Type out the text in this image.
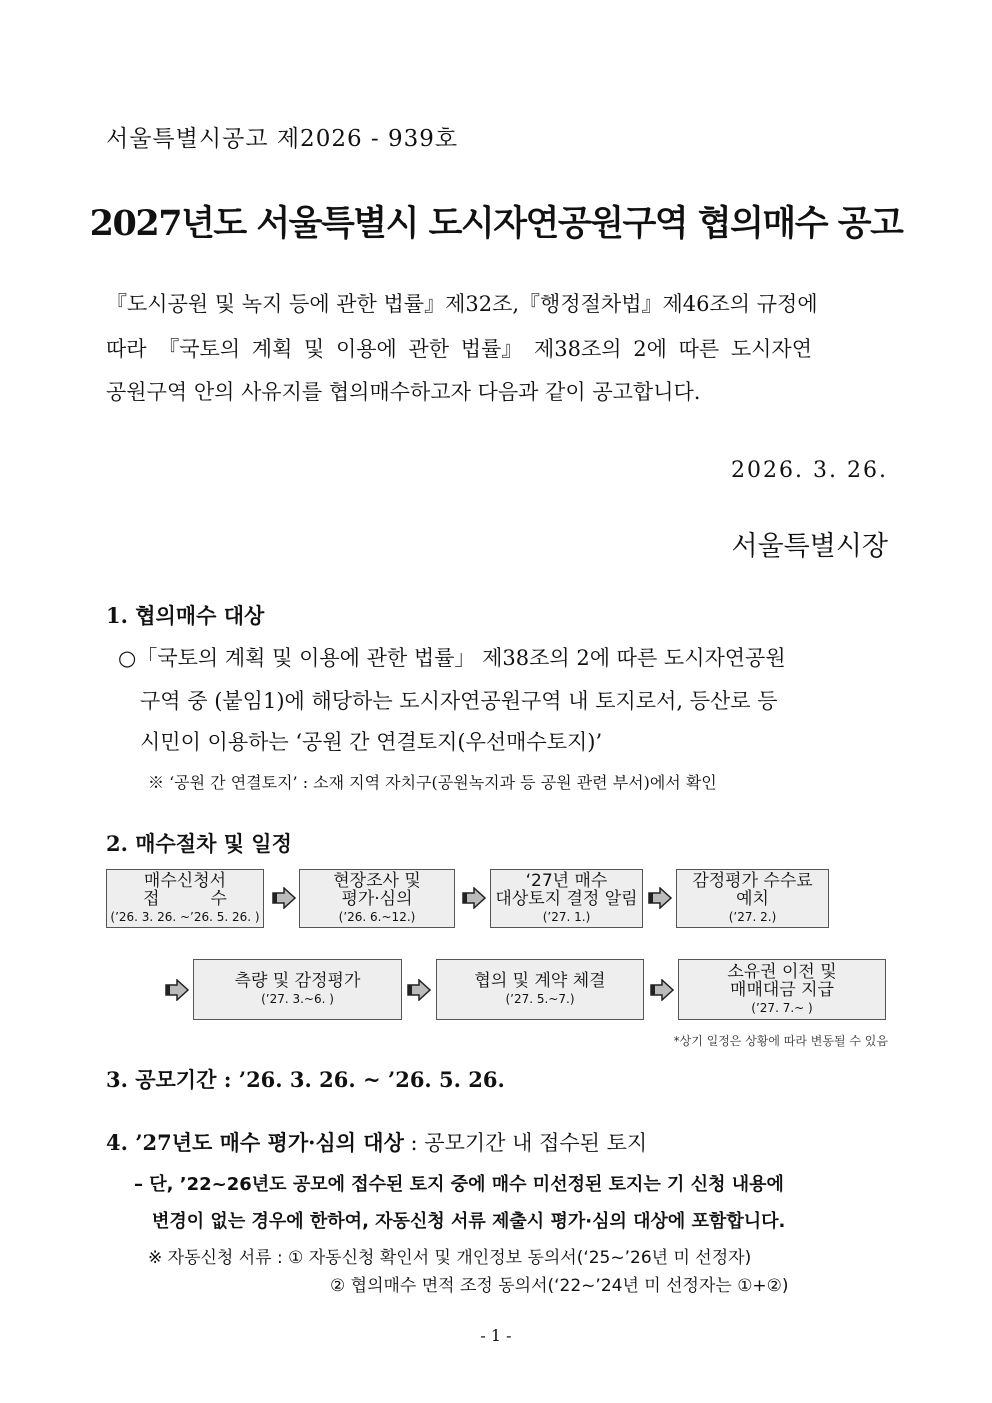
서울특별시공고 제2026 - 939호
2027년도 서울특별시 도시자연공원구역 협의매수 공고
『도시공원 및 녹지 등에 관한 법률』제32조,『행정절차법』제46조의 규정에
따라 『국토의 계획 및 이용에 관한 법률』 제38조의 2에 따른 도시자연
공원구역 안의 사유지를 협의매수하고자 다음과 같이 공고합니다.
2026. 3. 26.
서울특별시장
1. 협의매수 대상
○「국토의 계획 및 이용에 관한 법률」 제38조의 2에 따른 도시자연공원
구역 중 (붙임1)에 해당하는 도시자연공원구역 내 토지로서, 등산로 등
시민이 이용하는 ‘공원 간 연결토지(우선매수토지)’
※ ‘공원 간 연결토지’ : 소재 지역 자치구(공원녹지과 등 공원 관련 부서)에서 확인
2. 매수절차 및 일정
매수신청서
접　　　수
(’26. 3. 26. ~’26. 5. 26. )
현장조사 및
평가·심의
(’26. 6.~12.)
‘27년 매수
대상토지 결정 알림
(’27. 1.)
감정평가 수수료
예치
(’27. 2.)
측량 및 감정평가
(’27. 3.~6. )
협의 및 계약 체결
(’27. 5.~7.)
소유권 이전 및
매매대금 지급
(’27. 7.~ )
*상기 일정은 상황에 따라 변동될 수 있음
3. 공모기간 : ’26. 3. 26. ~ ’26. 5. 26.
4. ’27년도 매수 평가·심의 대상 : 공모기간 내 접수된 토지
– 단, ’22~26년도 공모에 접수된 토지 중에 매수 미선정된 토지는 기 신청 내용에
변경이 없는 경우에 한하여, 자동신청 서류 제출시 평가·심의 대상에 포함합니다.
※ 자동신청 서류 : ① 자동신청 확인서 및 개인정보 동의서(‘25~’26년 미 선정자)
② 협의매수 면적 조정 동의서(‘22~’24년 미 선정자는 ①+②)
- 1 -
